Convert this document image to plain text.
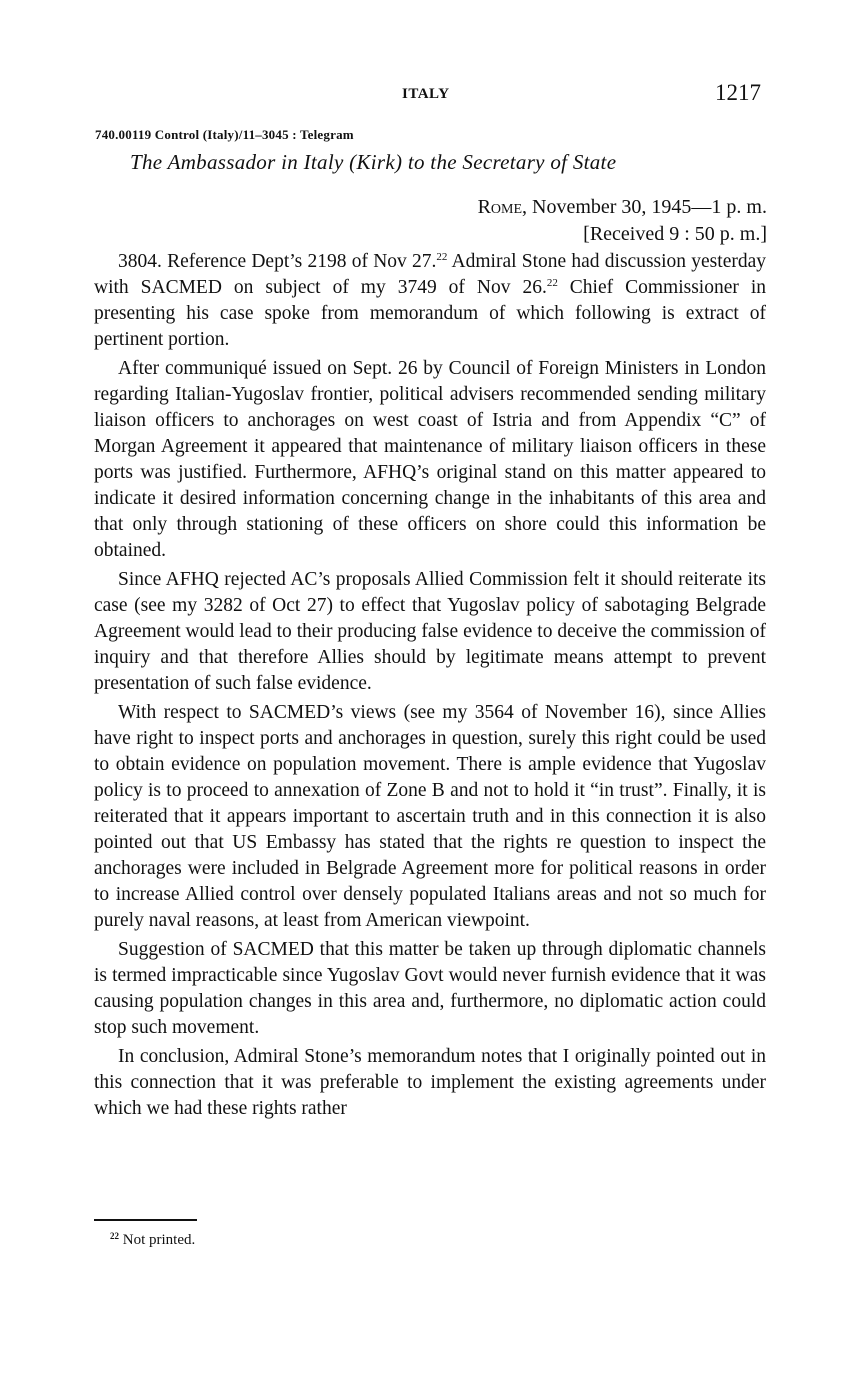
ITALY	1217
740.00119 Control (Italy)/11–3045 : Telegram
The Ambassador in Italy (Kirk) to the Secretary of State
Rome, November 30, 1945—1 p. m.
[Received 9 : 50 p. m.]

3804. Reference Dept’s 2198 of Nov 27.22 Admiral Stone had discussion yesterday with SACMED on subject of my 3749 of Nov 26.22 Chief Commissioner in presenting his case spoke from memorandum of which following is extract of pertinent portion.

After communiqué issued on Sept. 26 by Council of Foreign Ministers in London regarding Italian-Yugoslav frontier, political advisers recommended sending military liaison officers to anchorages on west coast of Istria and from Appendix “C” of Morgan Agreement it appeared that maintenance of military liaison officers in these ports was justified. Furthermore, AFHQ’s original stand on this matter appeared to indicate it desired information concerning change in the inhabitants of this area and that only through stationing of these officers on shore could this information be obtained.

Since AFHQ rejected AC’s proposals Allied Commission felt it should reiterate its case (see my 3282 of Oct 27) to effect that Yugoslav policy of sabotaging Belgrade Agreement would lead to their producing false evidence to deceive the commission of inquiry and that therefore Allies should by legitimate means attempt to prevent presentation of such false evidence.

With respect to SACMED’s views (see my 3564 of November 16), since Allies have right to inspect ports and anchorages in question, surely this right could be used to obtain evidence on population movement. There is ample evidence that Yugoslav policy is to proceed to annexation of Zone B and not to hold it “in trust”. Finally, it is reiterated that it appears important to ascertain truth and in this connection it is also pointed out that US Embassy has stated that the rights re question to inspect the anchorages were included in Belgrade Agreement more for political reasons in order to increase Allied control over densely populated Italians areas and not so much for purely naval reasons, at least from American viewpoint.

Suggestion of SACMED that this matter be taken up through diplomatic channels is termed impracticable since Yugoslav Govt would never furnish evidence that it was causing population changes in this area and, furthermore, no diplomatic action could stop such movement.

In conclusion, Admiral Stone’s memorandum notes that I originally pointed out in this connection that it was preferable to implement the existing agreements under which we had these rights rather

$^{22}$ Not printed.
